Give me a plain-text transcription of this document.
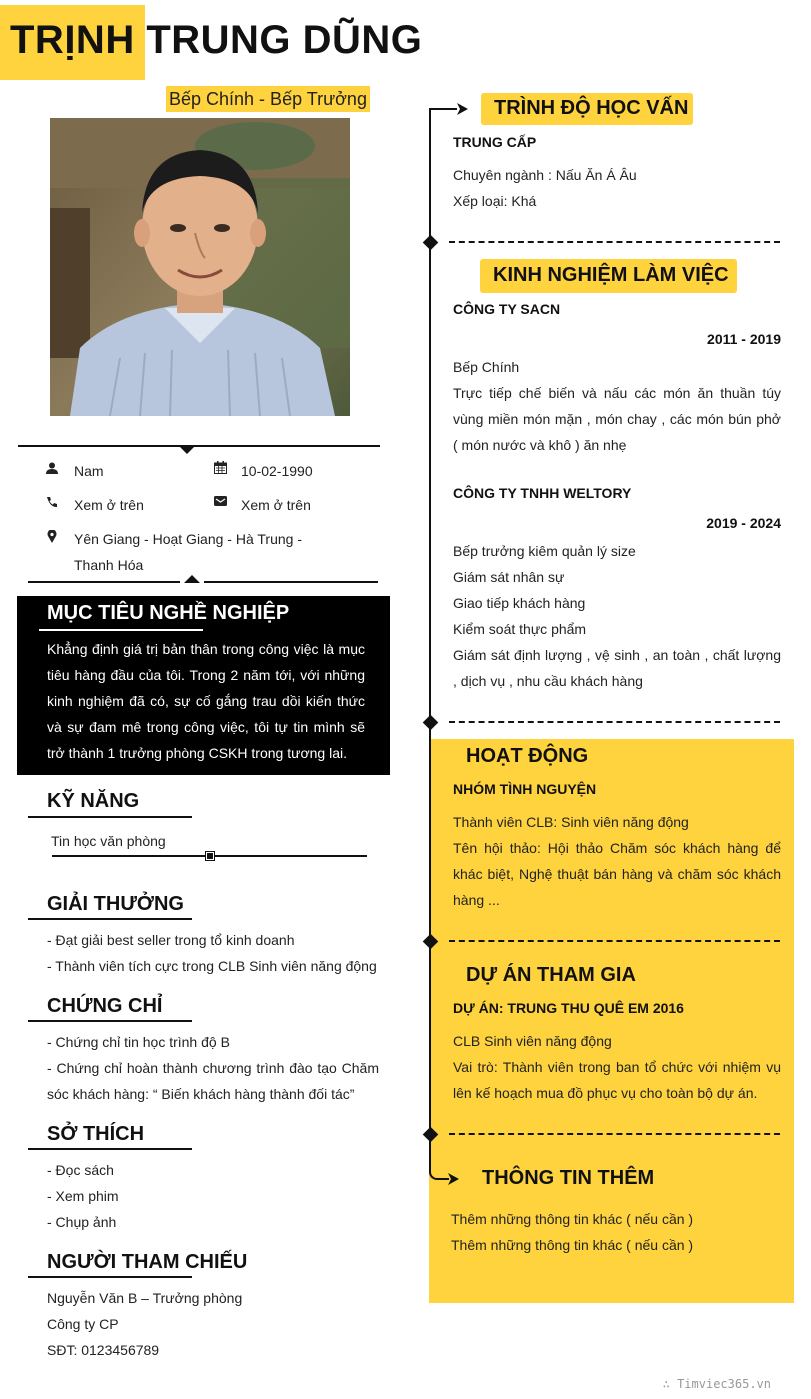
TRỊNH TRUNG DŨNG
Bếp Chính - Bếp Trưởng
Nam	10-02-1990
Xem ở trên	Xem ở trên
Yên Giang - Hoạt Giang - Hà Trung -
Thanh Hóa
MỤC TIÊU NGHỀ NGHIỆP
Khẳng định giá trị bản thân trong công việc là mục tiêu hàng đầu của tôi. Trong 2 năm tới, với những kinh nghiệm đã có, sự cố gắng trau dồi kiến thức và sự đam mê trong công việc, tôi tự tin mình sẽ trở thành 1 trưởng phòng CSKH trong tương lai.
KỸ NĂNG
Tin học văn phòng
GIẢI THƯỞNG
- Đạt giải best seller trong tổ kinh doanh
- Thành viên tích cực trong CLB Sinh viên năng động
CHỨNG CHỈ
- Chứng chỉ tin học trình độ B
- Chứng chỉ hoàn thành chương trình đào tạo Chăm sóc khách hàng: “ Biến khách hàng thành đối tác”
SỞ THÍCH
- Đọc sách
- Xem phim
- Chụp ảnh
NGƯỜI THAM CHIẾU
Nguyễn Văn B – Trưởng phòng
Công ty CP
SĐT: 0123456789
TRÌNH ĐỘ HỌC VẤN
TRUNG CẤP
Chuyên ngành : Nấu Ăn Á Âu
Xếp loại: Khá
KINH NGHIỆM LÀM VIỆC
CÔNG TY SACN
2011 - 2019
Bếp Chính
Trực tiếp chế biến và nấu các món ăn thuần túy vùng miền món mặn , món chay , các món bún phở ( món nước và khô ) ăn nhẹ
CÔNG TY TNHH WELTORY
2019 - 2024
Bếp trưởng kiêm quản lý size
Giám sát nhân sự
Giao tiếp khách hàng
Kiểm soát thực phẩm
Giám sát định lượng , vệ sinh , an toàn , chất lượng , dịch vụ , nhu cầu khách hàng
HOẠT ĐỘNG
NHÓM TÌNH NGUYỆN
Thành viên CLB: Sinh viên năng động
Tên hội thảo: Hội thảo Chăm sóc khách hàng để khác biệt, Nghệ thuật bán hàng và chăm sóc khách hàng ...
DỰ ÁN THAM GIA
DỰ ÁN: TRUNG THU QUÊ EM 2016
CLB Sinh viên năng động
Vai trò: Thành viên trong ban tổ chức với nhiệm vụ lên kế hoạch mua đồ phục vụ cho toàn bộ dự án.
THÔNG TIN THÊM
Thêm những thông tin khác ( nếu cần )
Thêm những thông tin khác ( nếu cần )
∴ Timviec365.vn
